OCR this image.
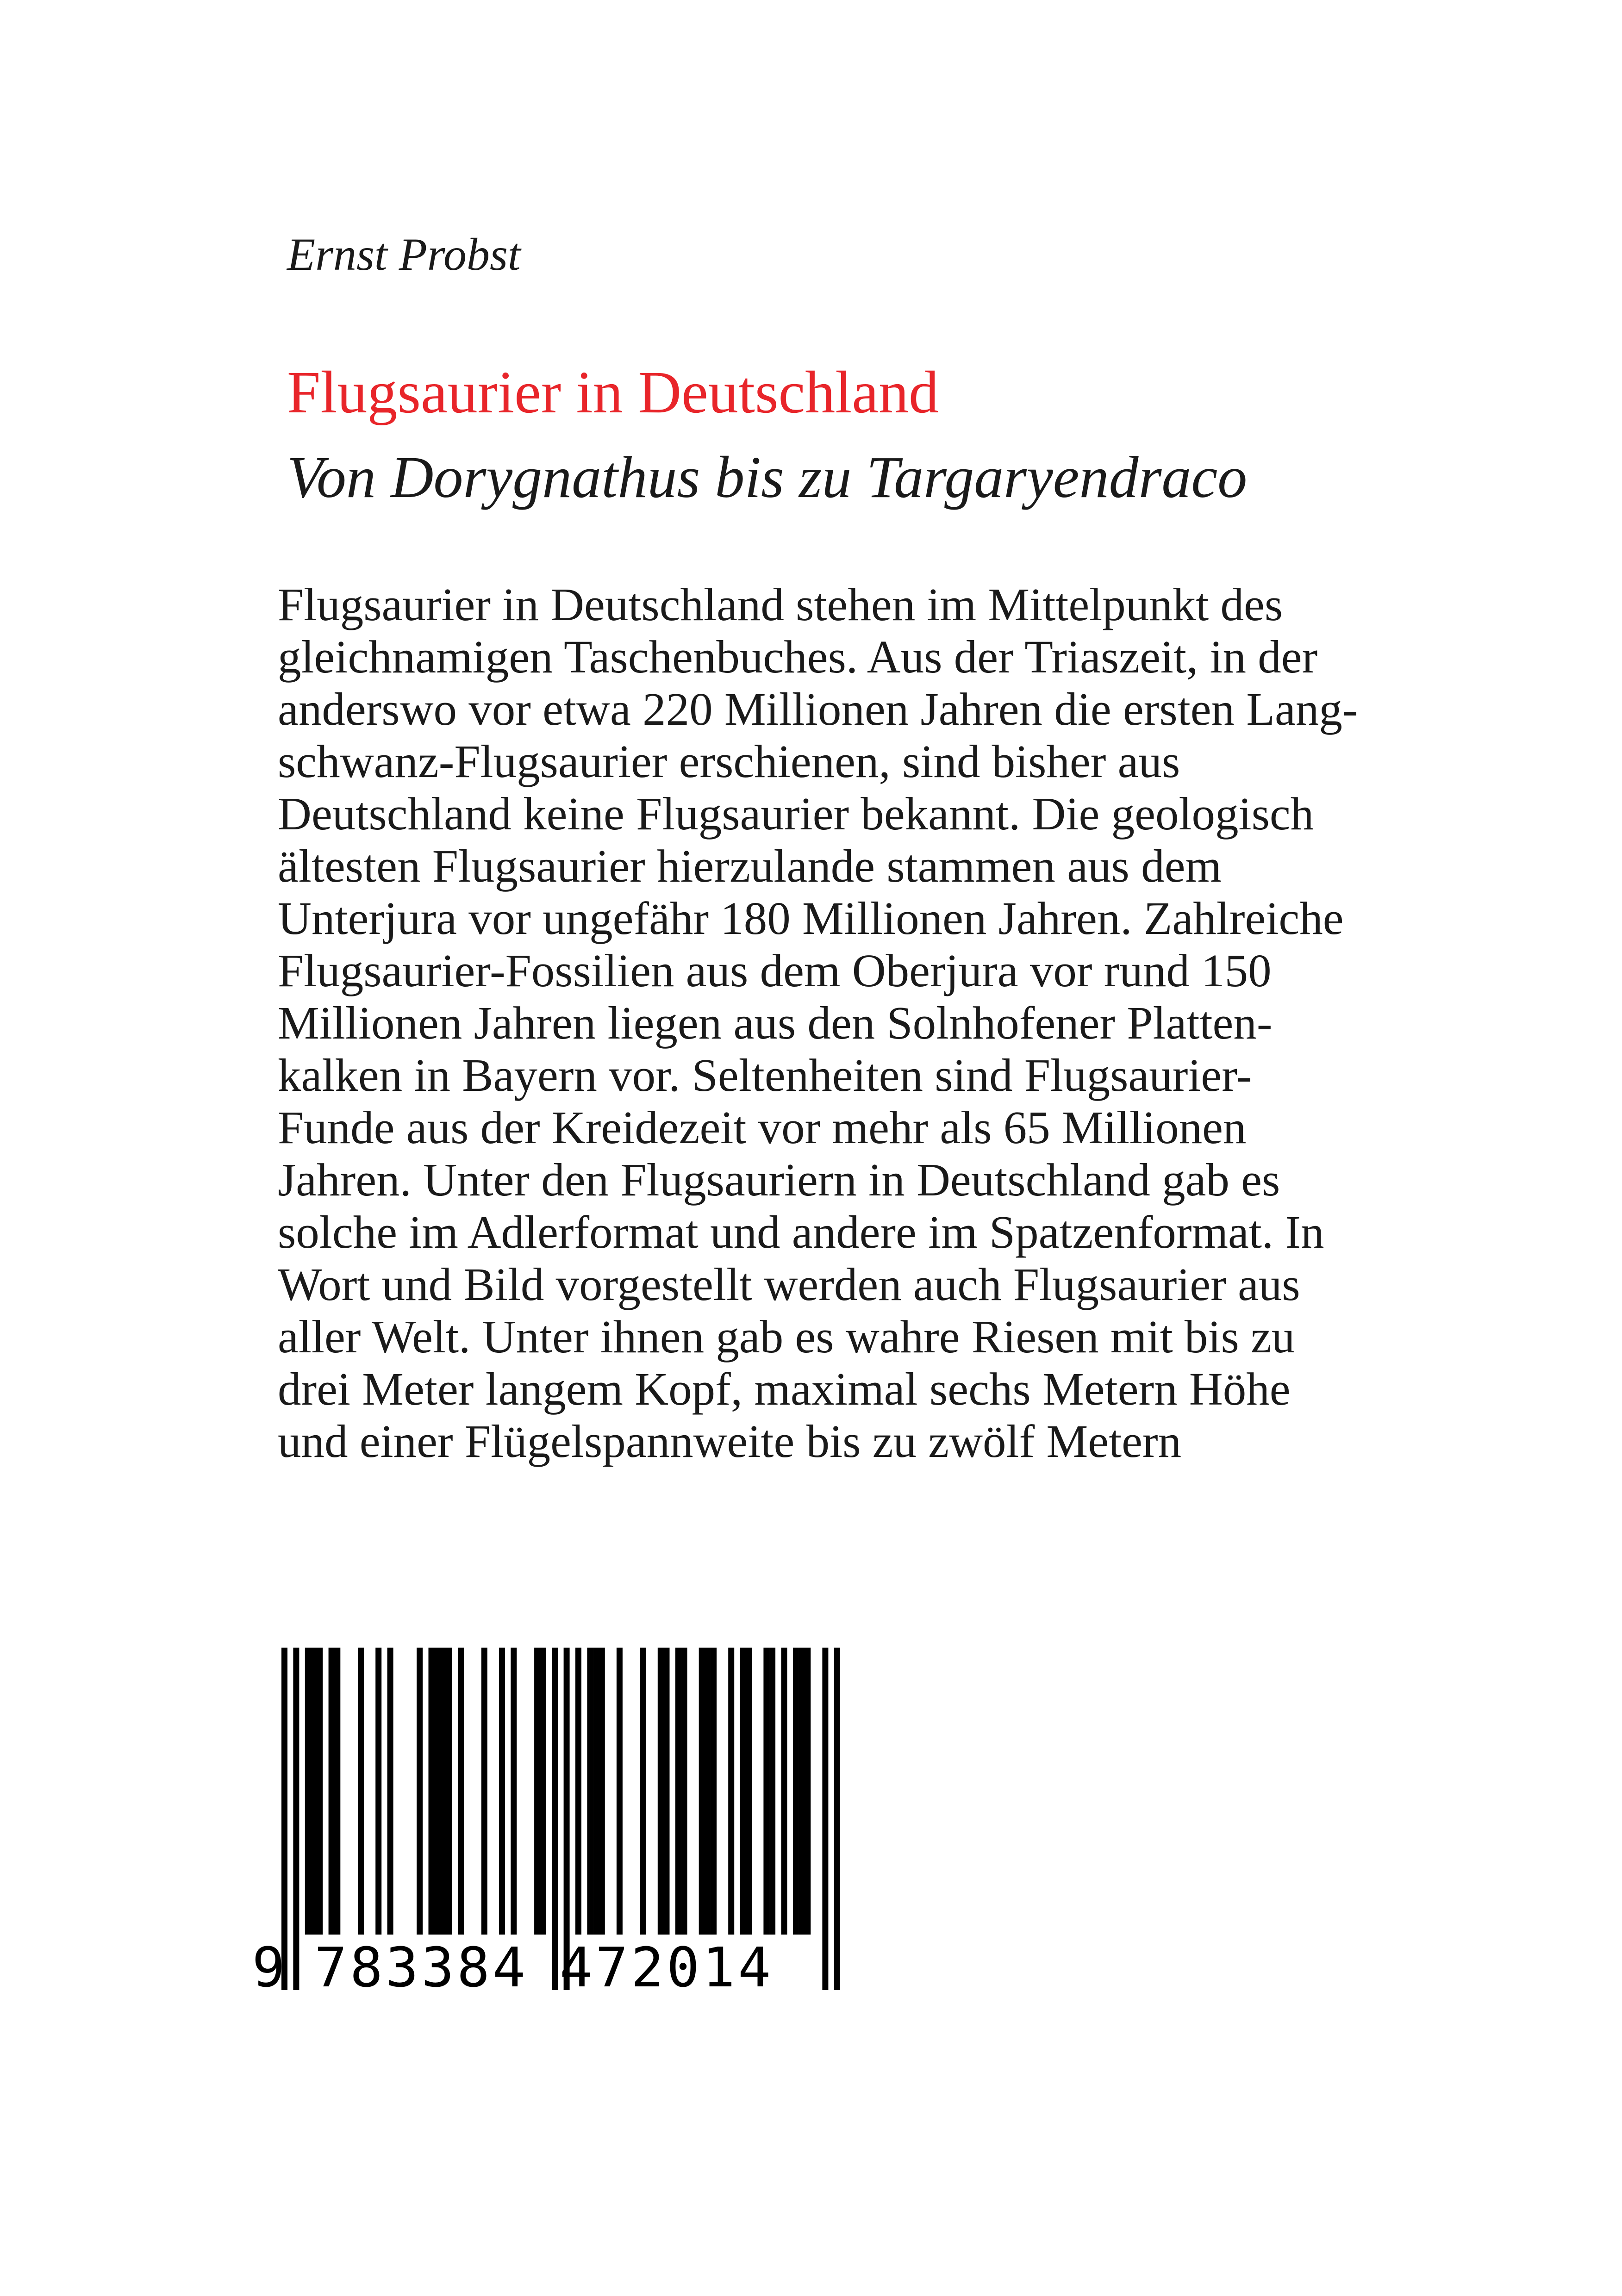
Ernst Probst
Flugsaurier in Deutschland
Von Dorygnathus bis zu Targaryendraco
Flugsaurier in Deutschland stehen im Mittelpunkt des
gleichnamigen Taschenbuches. Aus der Triaszeit, in der
anderswo vor etwa 220 Millionen Jahren die ersten Lang-
schwanz-Flugsaurier erschienen, sind bisher aus
Deutschland keine Flugsaurier bekannt. Die geologisch
ältesten Flugsaurier hierzulande stammen aus dem
Unterjura vor ungefähr 180 Millionen Jahren. Zahlreiche
Flugsaurier-Fossilien aus dem Oberjura vor rund 150
Millionen Jahren liegen aus den Solnhofener Platten-
kalken in Bayern vor. Seltenheiten sind Flugsaurier-
Funde aus der Kreidezeit vor mehr als 65 Millionen
Jahren. Unter den Flugsauriern in Deutschland gab es
solche im Adlerformat und andere im Spatzenformat. In
Wort und Bild vorgestellt werden auch Flugsaurier aus
aller Welt. Unter ihnen gab es wahre Riesen mit bis zu
drei Meter langem Kopf, maximal sechs Metern Höhe
und einer Flügelspannweite bis zu zwölf Metern
9 783384 472014
